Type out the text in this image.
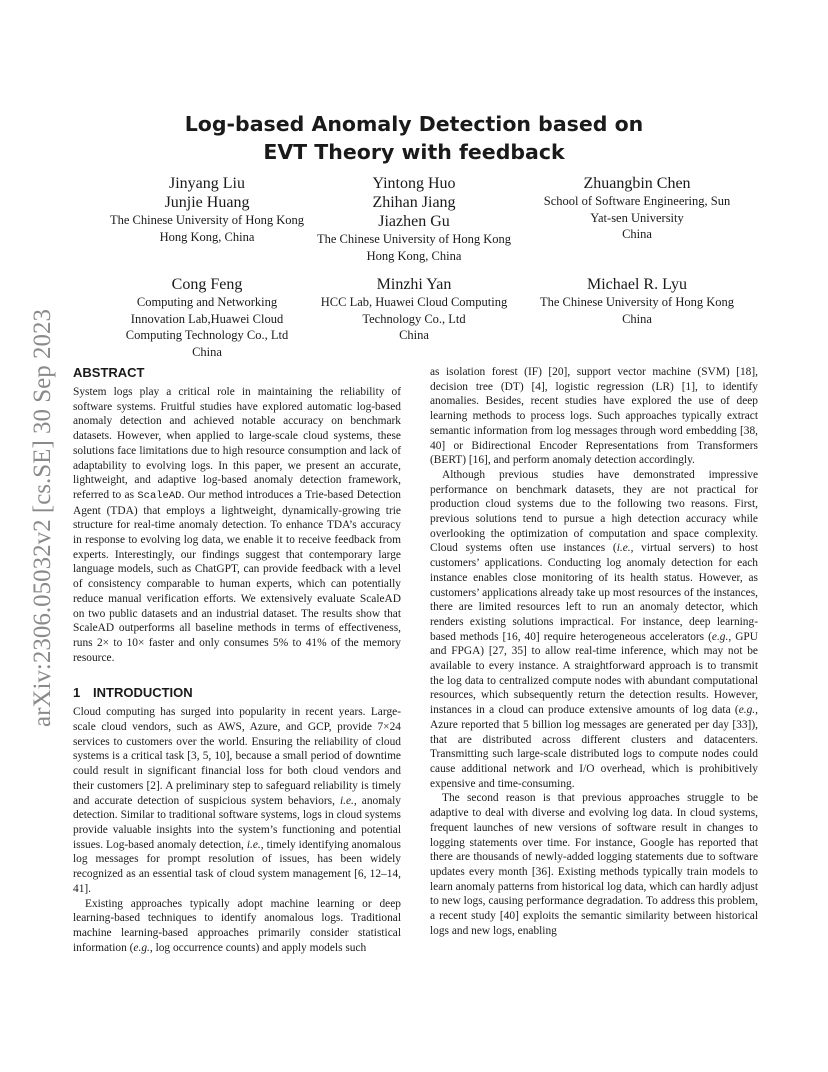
arXiv:2306.05032v2 [cs.SE] 30 Sep 2023
Log-based Anomaly Detection based on
EVT Theory with feedback
Jinyang Liu
Junjie Huang
The Chinese University of Hong Kong
Hong Kong, China
Yintong Huo
Zhihan Jiang
Jiazhen Gu
The Chinese University of Hong Kong
Hong Kong, China
Zhuangbin Chen
School of Software Engineering, Sun
Yat-sen University
China
Cong Feng
Computing and Networking
Innovation Lab,Huawei Cloud
Computing Technology Co., Ltd
China
Minzhi Yan
HCC Lab, Huawei Cloud Computing
Technology Co., Ltd
China
Michael R. Lyu
The Chinese University of Hong Kong
China
ABSTRACT

System logs play a critical role in maintaining the reliability of software systems. Fruitful studies have explored automatic log-based anomaly detection and achieved notable accuracy on benchmark datasets. However, when applied to large-scale cloud systems, these solutions face limitations due to high resource consumption and lack of adaptability to evolving logs. In this paper, we present an accurate, lightweight, and adaptive log-based anomaly detection framework, referred to as ScaleAD. Our method introduces a Trie-based Detection Agent (TDA) that employs a lightweight, dynamically-growing trie structure for real-time anomaly detection. To enhance TDA’s accuracy in response to evolving log data, we enable it to receive feedback from experts. Interestingly, our findings suggest that contemporary large language models, such as ChatGPT, can provide feedback with a level of consistency comparable to human experts, which can potentially reduce manual verification efforts. We extensively evaluate ScaleAD on two public datasets and an industrial dataset. The results show that ScaleAD outperforms all baseline methods in terms of effectiveness, runs 2× to 10× faster and only consumes 5% to 41% of the memory resource.

1 INTRODUCTION

Cloud computing has surged into popularity in recent years. Large-scale cloud vendors, such as AWS, Azure, and GCP, provide 7×24 services to customers over the world. Ensuring the reliability of cloud systems is a critical task [3, 5, 10], because a small period of downtime could result in significant financial loss for both cloud vendors and their customers [2]. A preliminary step to safeguard reliability is timely and accurate detection of suspicious system behaviors, i.e., anomaly detection. Similar to traditional software systems, logs in cloud systems provide valuable insights into the system’s functioning and potential issues. Log-based anomaly detection, i.e., timely identifying anomalous log messages for prompt resolution of issues, has been widely recognized as an essential task of cloud system management [6, 12–14, 41].

Existing approaches typically adopt machine learning or deep learning-based techniques to identify anomalous logs. Traditional machine learning-based approaches primarily consider statistical information (e.g., log occurrence counts) and apply models such

as isolation forest (IF) [20], support vector machine (SVM) [18], decision tree (DT) [4], logistic regression (LR) [1], to identify anomalies. Besides, recent studies have explored the use of deep learning methods to process logs. Such approaches typically extract semantic information from log messages through word embedding [38, 40] or Bidirectional Encoder Representations from Transformers (BERT) [16], and perform anomaly detection accordingly.

Although previous studies have demonstrated impressive performance on benchmark datasets, they are not practical for production cloud systems due to the following two reasons. First, previous solutions tend to pursue a high detection accuracy while overlooking the optimization of computation and space complexity. Cloud systems often use instances (i.e., virtual servers) to host customers’ applications. Conducting log anomaly detection for each instance enables close monitoring of its health status. However, as customers’ applications already take up most resources of the instances, there are limited resources left to run an anomaly detector, which renders existing solutions impractical. For instance, deep learning-based methods [16, 40] require heterogeneous accelerators (e.g., GPU and FPGA) [27, 35] to allow real-time inference, which may not be available to every instance. A straightforward approach is to transmit the log data to centralized compute nodes with abundant computational resources, which subsequently return the detection results. However, instances in a cloud can produce extensive amounts of log data (e.g., Azure reported that 5 billion log messages are generated per day [33]), that are distributed across different clusters and datacenters. Transmitting such large-scale distributed logs to compute nodes could cause additional network and I/O overhead, which is prohibitively expensive and time-consuming.

The second reason is that previous approaches struggle to be adaptive to deal with diverse and evolving log data. In cloud systems, frequent launches of new versions of software result in changes to logging statements over time. For instance, Google has reported that there are thousands of newly-added logging statements due to software updates every month [36]. Existing methods typically train models to learn anomaly patterns from historical log data, which can hardly adjust to new logs, causing performance degradation. To address this problem, a recent study [40] exploits the semantic similarity between historical logs and new logs, enabling
